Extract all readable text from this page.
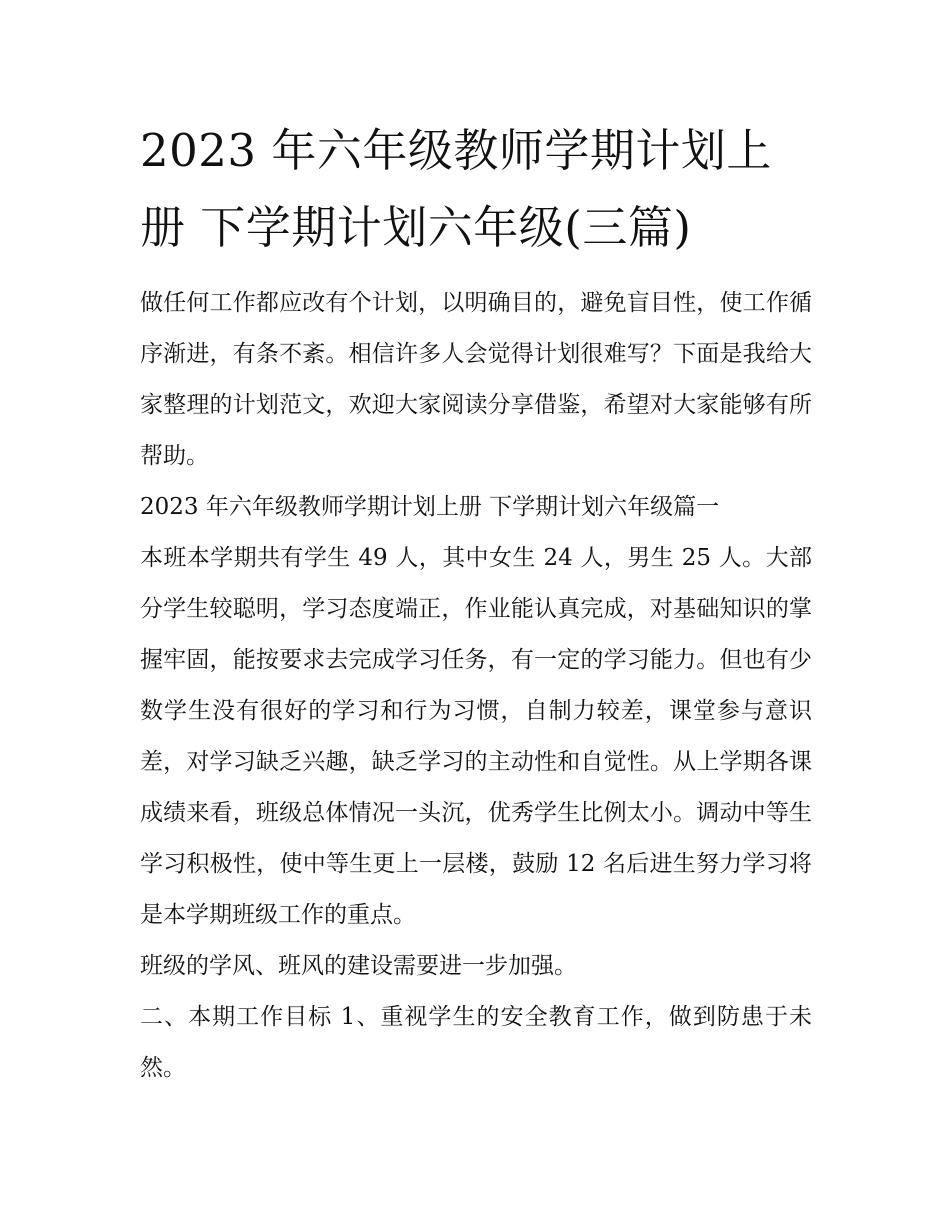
2023 年六年级教师学期计划上
册 下学期计划六年级(三篇)

做任何工作都应改有个计划，以明确目的，避免盲目性，使工作循序渐进，有条不紊。相信许多人会觉得计划很难写？下面是我给大家整理的计划范文，欢迎大家阅读分享借鉴，希望对大家能够有所帮助。

2023 年六年级教师学期计划上册 下学期计划六年级篇一

本班本学期共有学生 49 人，其中女生 24 人，男生 25 人。大部分学生较聪明，学习态度端正，作业能认真完成，对基础知识的掌握牢固，能按要求去完成学习任务，有一定的学习能力。但也有少数学生没有很好的学习和行为习惯，自制力较差，课堂参与意识差，对学习缺乏兴趣，缺乏学习的主动性和自觉性。从上学期各课成绩来看，班级总体情况一头沉，优秀学生比例太小。调动中等生学习积极性，使中等生更上一层楼，鼓励 12 名后进生努力学习将是本学期班级工作的重点。

班级的学风、班风的建设需要进一步加强。

二、本期工作目标 1、重视学生的安全教育工作，做到防患于未然。
